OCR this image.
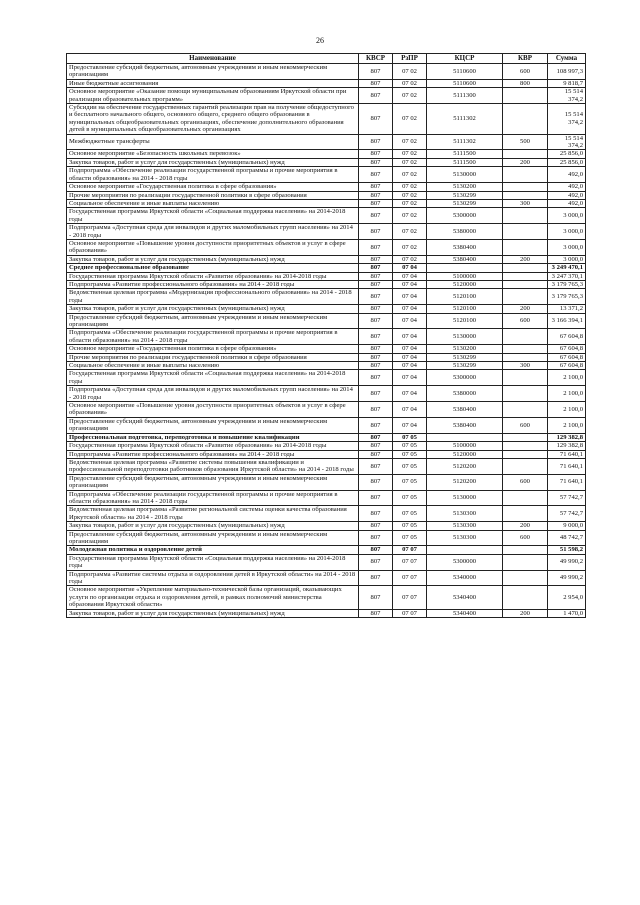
26
Наименование	КВСР	РзПР	КЦСР	КВР	Сумма
Предоставление субсидий бюджетным, автономным учреждениям и иным некоммерческим организациям	807	07 02	5110600	600	108 997,3
Иные бюджетные ассигнования	807	07 02	5110600	800	9 818,7
Основное мероприятие «Оказание помощи муниципальным образованиям Иркутской области при реализации образовательных программ»	807	07 02	5111300		15 514 374,2
Субсидии на обеспечение государственных гарантий реализации прав на получение общедоступного и бесплатного начального общего, основного общего, среднего общего образования в муниципальных общеобразовательных организациях, обеспечение дополнительного образования детей в муниципальных общеобразовательных организациях	807	07 02	5111302		15 514 374,2
Межбюджетные трансферты	807	07 02	5111302	500	15 514 374,2
Основное мероприятие «Безопасность школьных перевозок»	807	07 02	5111500		25 856,0
Закупка товаров, работ и услуг для государственных (муниципальных) нужд	807	07 02	5111500	200	25 856,0
Подпрограмма «Обеспечение реализации государственной программы и прочие мероприятия в области образования» на 2014 - 2018 годы	807	07 02	5130000		492,0
Основное мероприятие «Государственная политика в сфере образования»	807	07 02	5130200		492,0
Прочие мероприятия по реализации государственной политики в сфере образования	807	07 02	5130299		492,0
Социальное обеспечение и иные выплаты населению	807	07 02	5130299	300	492,0
Государственная программа Иркутской области «Социальная поддержка населения» на 2014-2018 годы	807	07 02	5300000		3 000,0
Подпрограмма «Доступная среда для инвалидов и других маломобильных групп населения» на 2014 - 2018 годы	807	07 02	5380000		3 000,0
Основное мероприятие «Повышение уровня доступности приоритетных объектов и услуг в сфере образования»	807	07 02	5380400		3 000,0
Закупка товаров, работ и услуг для государственных (муниципальных) нужд	807	07 02	5380400	200	3 000,0
Среднее профессиональное образование	807	07 04			3 249 470,1
Государственная программа Иркутской области «Развитие образования» на 2014-2018 годы	807	07 04	5100000		3 247 370,1
Подпрограмма «Развитие профессионального образования» на 2014 - 2018 годы	807	07 04	5120000		3 179 765,3
Ведомственная целевая программа «Модернизация профессионального образования» на 2014 - 2018 годы	807	07 04	5120100		3 179 765,3
Закупка товаров, работ и услуг для государственных (муниципальных) нужд	807	07 04	5120100	200	13 371,2
Предоставление субсидий бюджетным, автономным учреждениям и иным некоммерческим организациям	807	07 04	5120100	600	3 166 394,1
Подпрограмма «Обеспечение реализации государственной программы и прочие мероприятия в области образования» на 2014 - 2018 годы	807	07 04	5130000		67 604,8
Основное мероприятие «Государственная политика в сфере образования»	807	07 04	5130200		67 604,8
Прочие мероприятия по реализации государственной политики в сфере образования	807	07 04	5130299		67 604,8
Социальное обеспечение и иные выплаты населению	807	07 04	5130299	300	67 604,8
Государственная программа Иркутской области «Социальная поддержка населения» на 2014-2018 годы	807	07 04	5300000		2 100,0
Подпрограмма «Доступная среда для инвалидов и других маломобильных групп населения» на 2014 - 2018 годы	807	07 04	5380000		2 100,0
Основное мероприятие «Повышение уровня доступности приоритетных объектов и услуг в сфере образования»	807	07 04	5380400		2 100,0
Предоставление субсидий бюджетным, автономным учреждениям и иным некоммерческим организациям	807	07 04	5380400	600	2 100,0
Профессиональная подготовка, переподготовка и повышение квалификации	807	07 05			129 382,8
Государственная программа Иркутской области «Развитие образования» на 2014-2018 годы	807	07 05	5100000		129 382,8
Подпрограмма «Развитие профессионального образования» на 2014 - 2018 годы	807	07 05	5120000		71 640,1
Ведомственная целевая программа «Развитие системы повышения квалификации и профессиональной переподготовки работников образования Иркутской области» на 2014 - 2018 годы	807	07 05	5120200		71 640,1
Предоставление субсидий бюджетным, автономным учреждениям и иным некоммерческим организациям	807	07 05	5120200	600	71 640,1
Подпрограмма «Обеспечение реализации государственной программы и прочие мероприятия в области образования» на 2014 - 2018 годы	807	07 05	5130000		57 742,7
Ведомственная целевая программа «Развитие региональной системы оценки качества образования Иркутской области» на 2014 - 2018 годы	807	07 05	5130300		57 742,7
Закупка товаров, работ и услуг для государственных (муниципальных) нужд	807	07 05	5130300	200	9 000,0
Предоставление субсидий бюджетным, автономным учреждениям и иным некоммерческим организациям	807	07 05	5130300	600	48 742,7
Молодежная политика и оздоровление детей	807	07 07			51 598,2
Государственная программа Иркутской области «Социальная поддержка населения» на 2014-2018 годы	807	07 07	5300000		49 990,2
Подпрограмма «Развитие системы отдыха и оздоровления детей в Иркутской области» на 2014 - 2018 годы	807	07 07	5340000		49 990,2
Основное мероприятие «Укрепление материально-технической базы организаций, оказывающих услуги по организации отдыха и оздоровления детей, в рамках полномочий министерства образования Иркутской области»	807	07 07	5340400		2 954,0
Закупка товаров, работ и услуг для государственных (муниципальных) нужд	807	07 07	5340400	200	1 470,0
